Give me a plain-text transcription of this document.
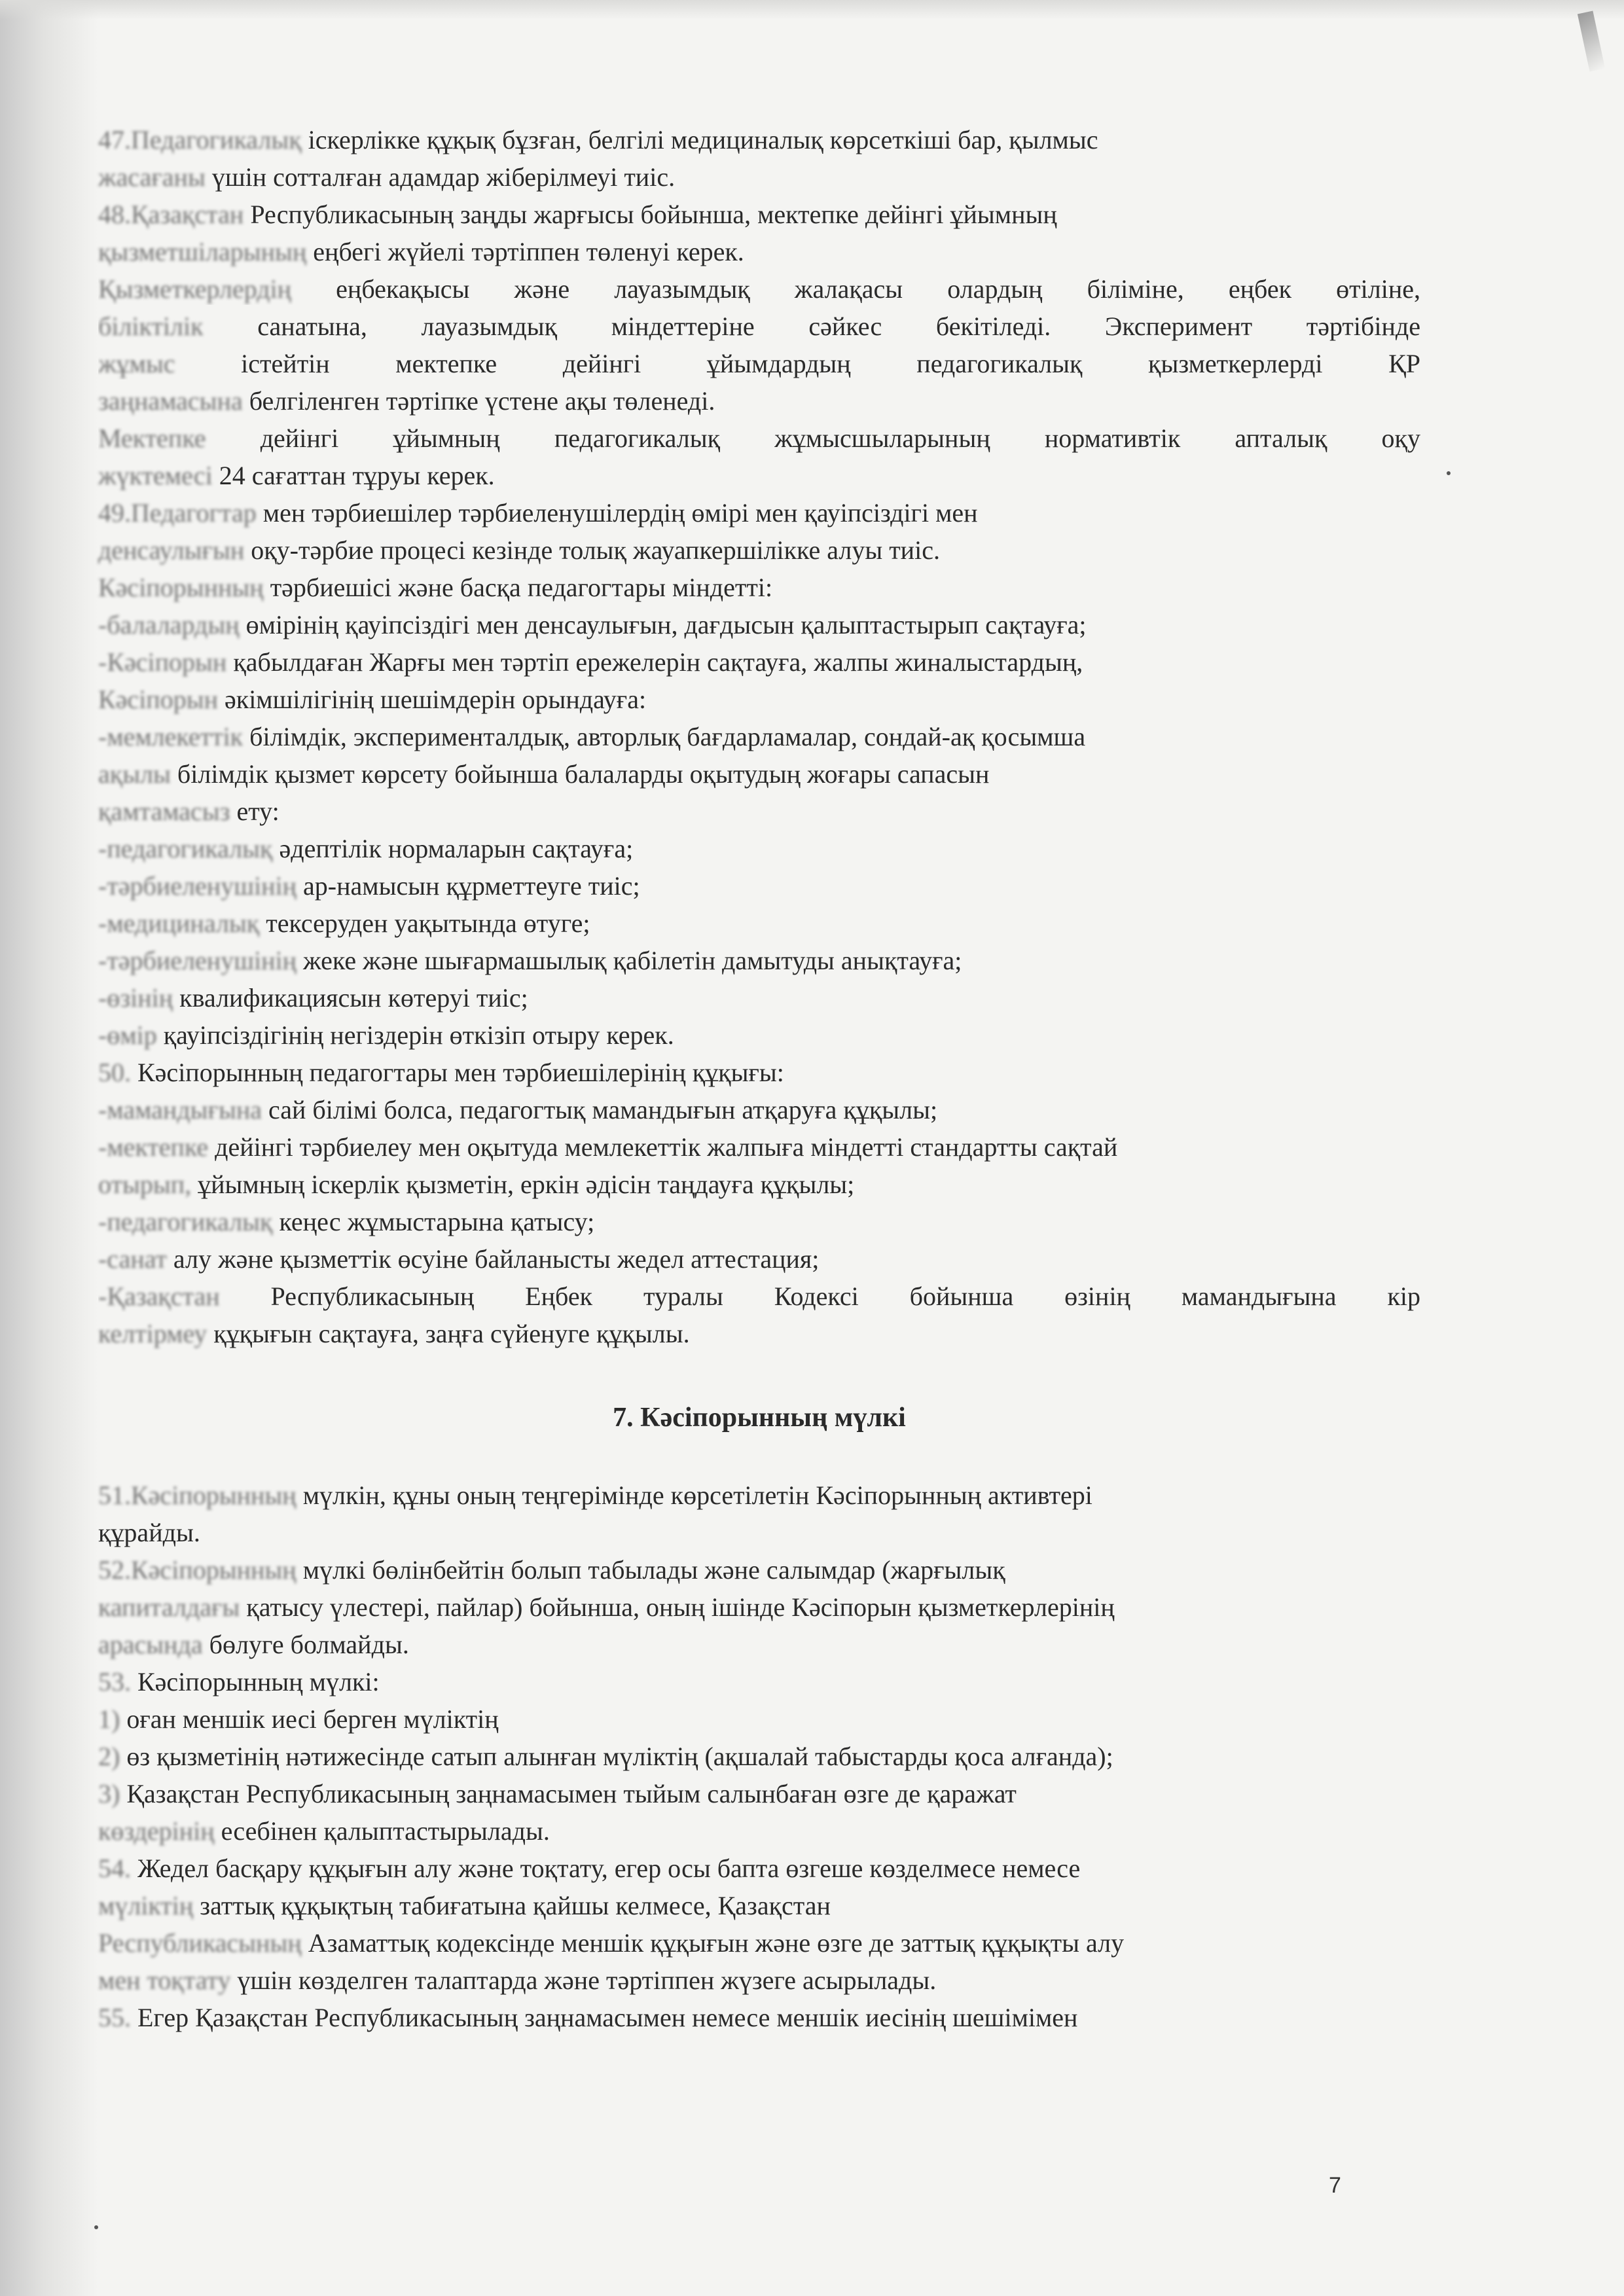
47.Педагогикалық іскерлікке құқық бұзған, белгілі медициналық көрсеткіші бар, қылмыс

жасағаны үшін сотталған адамдар жіберілмеуі тиіс.

48.Қазақстан Республикасының заңды жарғысы бойынша, мектепке дейінгі ұйымның

қызметшіларының еңбегі жүйелі тәртіппен төленуі керек.

Қызметкерлердің еңбекақысы және лауазымдық жалақасы олардың біліміне, еңбек өтіліне,

біліктілік санатына, лауазымдық міндеттеріне сәйкес бекітіледі. Эксперимент тәртібінде

жұмыс істейтін мектепке дейінгі ұйымдардың педагогикалық қызметкерлерді ҚР

заңнамасына белгіленген тәртіпке үстене ақы төленеді.

Мектепке дейінгі ұйымның педагогикалық жұмысшыларының нормативтік апталық оқу

жүктемесі 24 сағаттан тұруы керек.

49.Педагогтар мен тәрбиешілер тәрбиеленушілердің өмірі мен қауіпсіздігі мен

денсаулығын оқу-тәрбие процесі кезінде толық жауапкершілікке алуы тиіс.

Кәсіпорынның тәрбиешісі және басқа педагогтары міндетті:

-балалардың өмірінің қауіпсіздігі мен денсаулығын, дағдысын қалыптастырып сақтауға;

-Кәсіпорын қабылдаған Жарғы мен тәртіп ережелерін сақтауға, жалпы жиналыстардың,

Кәсіпорын әкімшілігінің шешімдерін орындауға:

-мемлекеттік білімдік, эксперименталдық, авторлық бағдарламалар, сондай-ақ қосымша

ақылы білімдік қызмет көрсету бойынша балаларды оқытудың жоғары сапасын

қамтамасыз ету:

-педагогикалық әдептілік нормаларын сақтауға;

-тәрбиеленушінің ар-намысын құрметтеуге тиіс;

-медициналық тексеруден уақытында өтуге;

-тәрбиеленушінің жеке және шығармашылық қабілетін дамытуды анықтауға;

-өзінің квалификациясын көтеруі тиіс;

-өмір қауіпсіздігінің негіздерін өткізіп отыру керек.

50. Кәсіпорынның педагогтары мен тәрбиешілерінің құқығы:

-мамандығына сай білімі болса, педагогтық мамандығын атқаруға құқылы;

-мектепке дейінгі тәрбиелеу мен оқытуда мемлекеттік жалпыға міндетті стандартты сақтай

отырып, ұйымның іскерлік қызметін, еркін әдісін таңдауға құқылы;

-педагогикалық кеңес жұмыстарына қатысу;

-санат алу және қызметтік өсуіне байланысты жедел аттестация;

-Қазақстан Республикасының Еңбек туралы Кодексі бойынша өзінің мамандығына кір

келтірмеу құқығын сақтауға, заңға сүйенуге құқылы.

7. Кәсіпорынның мүлкі

51.Кәсіпорынның мүлкін, құны оның теңгерімінде көрсетілетін Кәсіпорынның активтері

құрайды.

52.Кәсіпорынның мүлкі бөлінбейтін болып табылады және салымдар (жарғылық

капиталдағы қатысу үлестері, пайлар) бойынша, оның ішінде Кәсіпорын қызметкерлерінің

арасында бөлуге болмайды.

53. Кәсіпорынның мүлкі:

1) оған меншік иесі берген мүліктің

2) өз қызметінің нәтижесінде сатып алынған мүліктің (ақшалай табыстарды қоса алғанда);

3) Қазақстан Республикасының заңнамасымен тыйым салынбаған өзге де қаражат

көздерінің есебінен қалыптастырылады.

54. Жедел басқару құқығын алу және тоқтату, егер осы бапта өзгеше көзделмесе немесе

мүліктің заттық құқықтың табиғатына қайшы келмесе, Қазақстан

Республикасының Азаматтық кодексінде меншік құқығын және өзге де заттық құқықты алу

мен тоқтату үшін көзделген талаптарда және тәртіппен жүзеге асырылады.

55. Егер Қазақстан Республикасының заңнамасымен немесе меншік иесінің шешімімен

7
